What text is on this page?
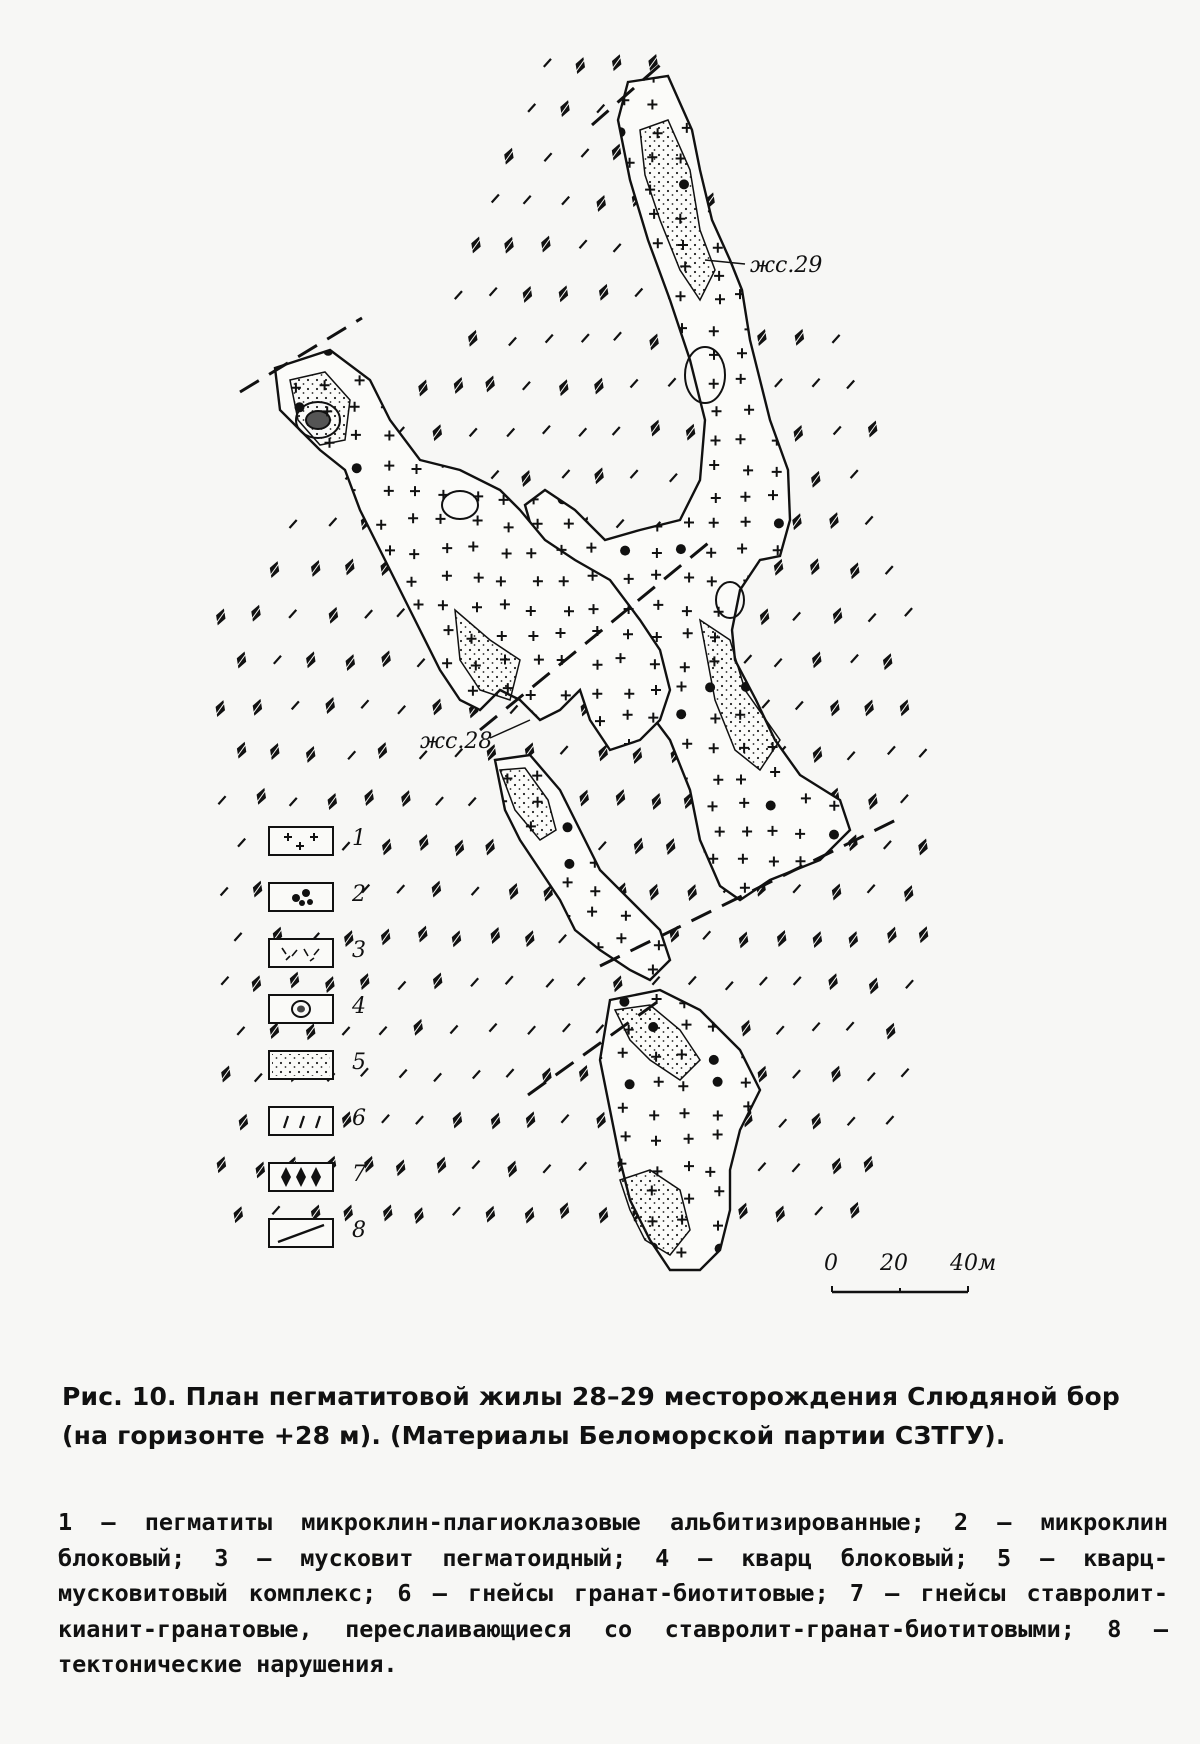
жс.29
жс.28
0 20 40м
1
2
3
4
5
6
7
8
Рис. 10. План пегматитовой жилы 28–29 месторождения Слюдяной бор (на горизонте +28 м). (Материалы Беломорской партии СЗТГУ).
1 – пегматиты микроклин-плагиоклазовые альбитизированные; 2 – микроклин блоковый; 3 – мусковит пегматоидный; 4 – кварц блоковый; 5 – кварц-мусковитовый комплекс; 6 – гнейсы гранат-биотитовые; 7 – гнейсы ставролит-кианит-гранатовые, переслаивающиеся со ставролит-гранат-биотитовыми; 8 – тектонические нарушения.
